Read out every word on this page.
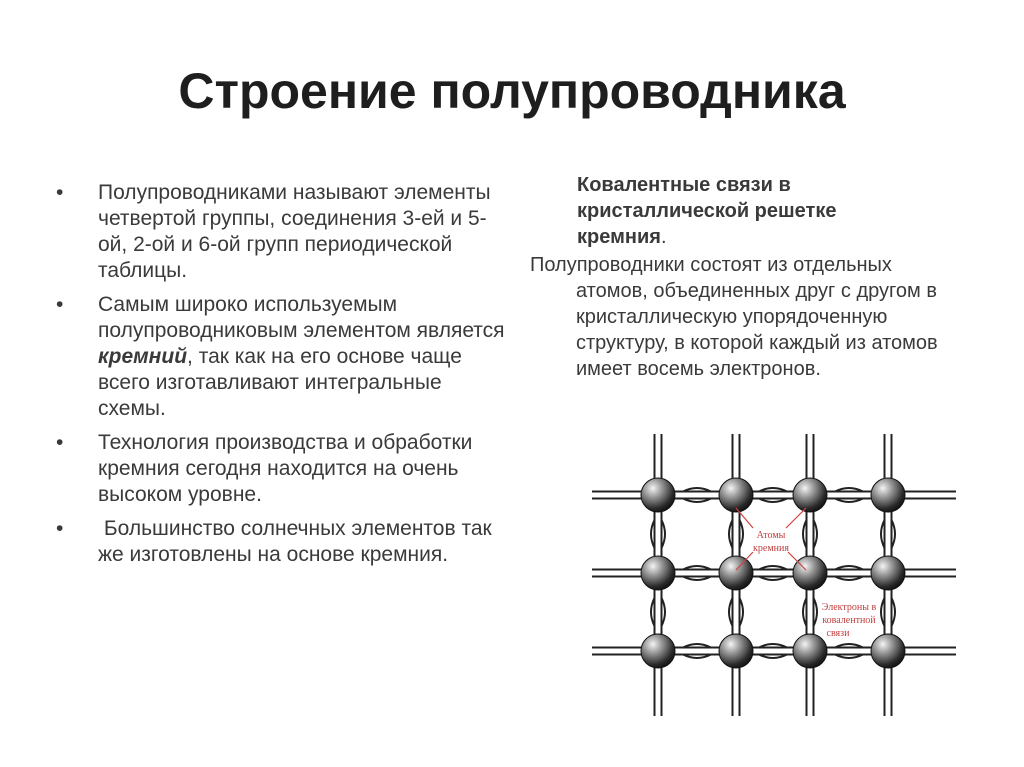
Строение полупроводника
• Полупроводниками называют элементы четвертой группы, соединения 3-ей и 5-ой, 2-ой и 6-ой групп периодической таблицы.
• Самым широко используемым полупроводниковым элементом является кремний, так как на его основе чаще всего изготавливают интегральные схемы.
• Технология производства и обработки кремния сегодня находится на очень высоком уровне.
• Большинство солнечных элементов так же изготовлены на основе кремния.
Ковалентные связи в кристаллической решетке кремния.
Полупроводники состоят из отдельных
атомов, объединенных друг с другом в кристаллическую упорядоченную структуру, в которой каждый из атомов имеет восемь электронов.
Атомы
кремния
Электроны в
ковалентной
связи
